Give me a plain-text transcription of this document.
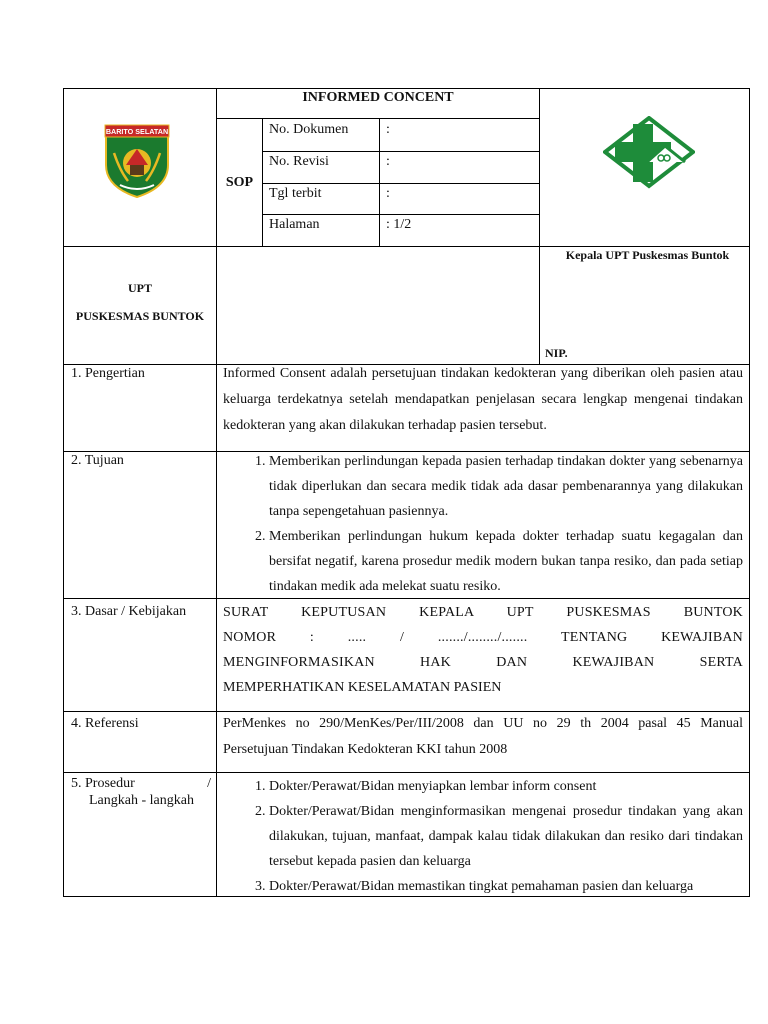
BARITO SELATAN
INFORMED CONCENT
SOP
No. Dokumen	:
No. Revisi	:
Tgl terbit	:
Halaman	: 1/2
UPT
PUSKESMAS BUNTOK
Kepala UPT Puskesmas Buntok
NIP.
1. Pengertian	Informed Consent adalah persetujuan tindakan kedokteran yang diberikan oleh pasien atau keluarga terdekatnya setelah mendapatkan penjelasan secara lengkap mengenai tindakan kedokteran yang akan dilakukan terhadap pasien tersebut.
2. Tujuan
1.	Memberikan perlindungan kepada pasien terhadap tindakan dokter yang sebenarnya tidak diperlukan dan secara medik tidak ada dasar pembenarannya yang dilakukan tanpa sepengetahuan pasiennya.
2. Memberikan perlindungan hukum kepada dokter terhadap suatu kegagalan dan bersifat negatif, karena prosedur medik modern bukan tanpa resiko, dan pada setiap tindakan medik ada melekat suatu resiko.
3. Dasar / Kebijakan	SURAT KEPUTUSAN KEPALA UPT PUSKESMAS BUNTOK
NOMOR : ..... / ......./......../....... TENTANG KEWAJIBAN
MENGINFORMASIKAN HAK DAN KEWAJIBAN SERTA
MEMPERHATIKAN KESELAMATAN PASIEN
4. Referensi	PerMenkes no 290/MenKes/Per/III/2008 dan UU no 29 th 2004 pasal 45 Manual Persetujuan Tindakan Kedokteran KKI tahun 2008
5. Prosedur	/
Langkah - langkah
1. Dokter/Perawat/Bidan menyiapkan lembar inform consent
2. Dokter/Perawat/Bidan menginformasikan mengenai prosedur tindakan yang akan dilakukan, tujuan, manfaat, dampak kalau tidak dilakukan dan resiko dari tindakan tersebut kepada pasien dan keluarga
3. Dokter/Perawat/Bidan memastikan tingkat pemahaman pasien dan keluarga
